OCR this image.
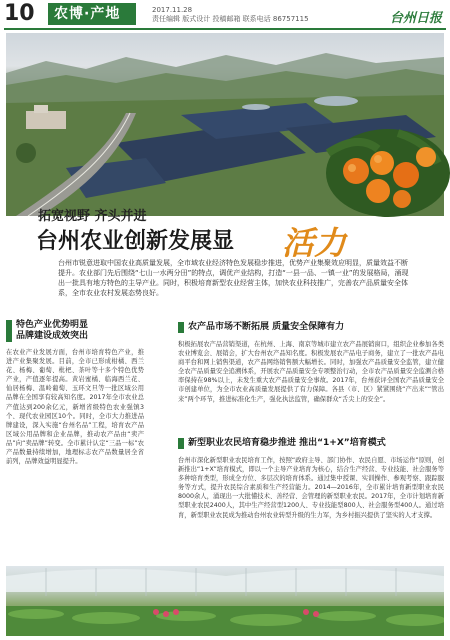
10 农博·产地	2017.11.28
责任编辑 版式设计 投稿邮箱 联系电话 86757115	台州日报
拓宽视野 齐头并进
台州农业创新发展显 活力
台州市锐意进取中国农业高质量发展，全市域农业经济特色发展稳步推进，优势产业集聚效应明显，质量效益不断提升。农业部门先后围绕“七山一水两分田”的特点，调优产业结构，打造“一县一品、一镇一业”的发展格局，涌现出一批具有地方特色的主导产业。同时，积极培育新型农业经营主体，加快农业科技推广，完善农产品质量安全体系，全市农业农村发展态势良好。
特色产业优势明显
品牌建设成效突出
在农业产业发展方面，台州市培育特色产业，推进产业集聚发展。目前，全市已形成柑橘、西兰花、杨梅、葡萄、枇杷、茶叶等十多个特色优势产业，产值逐年提高。黄岩蜜橘、临海西兰花、仙居杨梅、温岭葡萄、玉环文旦等一批区域公用品牌在全国享有较高知名度。2017年全市农业总产值达到200余亿元，新增省级特色农业强镇3个、现代农业园区10个。同时，全市大力推进品牌建设，深入实施“台州名品”工程，培育农产品区域公用品牌和企业品牌，推动农产品由“卖产品”向“卖品牌”转变。全市累计认定“三品一标”农产品数量持续增加，地理标志农产品数量居全省前列，品牌效益明显提升。
农产品市场不断拓展 质量安全保障有力
积极拓展农产品营销渠道，在杭州、上海、南京等城市建立农产品展销窗口，组织企业参加各类农业博览会、展销会，扩大台州农产品知名度。积极发展农产品电子商务，建立了一批农产品电商平台和网上销售渠道，农产品网络销售额大幅增长。同时，加强农产品质量安全监管，建立健全农产品质量安全追溯体系，开展农产品质量安全专项整治行动，全市农产品质量安全监测合格率保持在98%以上，未发生重大农产品质量安全事故。2017年，台州获评全国农产品质量安全市创建单位，为全市农业高质量发展提供了有力保障。各县（市、区）紧紧围绕“产出来”“管出来”两个环节，推进标准化生产，强化执法监管，确保群众“舌尖上的安全”。
新型职业农民培育稳步推进 推出“1+X”培育模式
台州市深化新型职业农民培育工作，按照“政府主导、部门协作、农民自愿、市场运作”原则，创新推出“1+X”培育模式，即以一个主导产业培育为核心，结合生产经营、专业技能、社会服务等多种培育类型，形成全方位、多层次的培育体系。通过集中授课、实训操作、参观考察、跟踪服务等方式，提升农民综合素质和生产经营能力。2014—2016年，全市累计培育新型职业农民8000余人，涌现出一大批懂技术、善经营、会管理的新型职业农民。2017年，全市计划培育新型职业农民2400人，其中生产经营型1200人、专业技能型800人、社会服务型400人。通过培育，新型职业农民成为推动台州农业转型升级的生力军，为乡村振兴提供了坚实的人才支撑。
